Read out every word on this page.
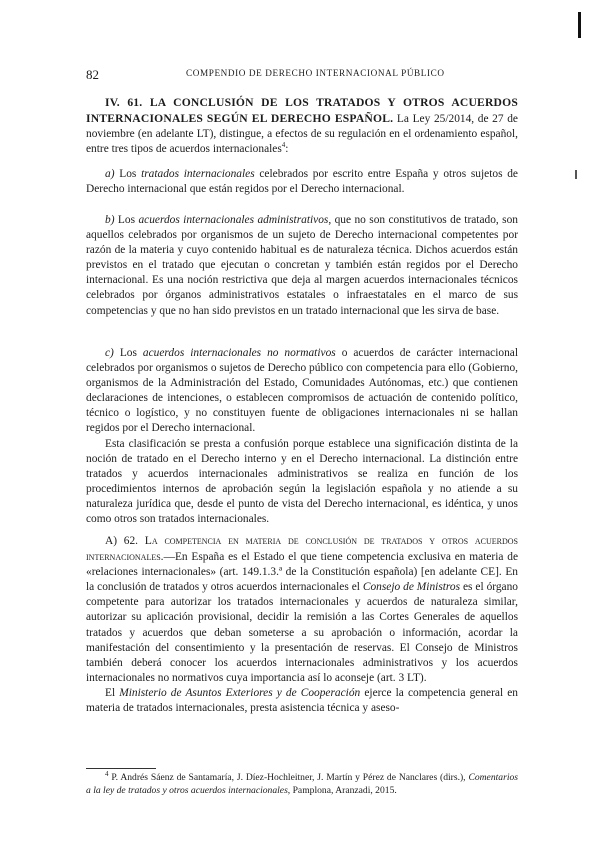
82	COMPENDIO DE DERECHO INTERNACIONAL PÚBLICO

IV. 61. LA CONCLUSIÓN DE LOS TRATADOS Y OTROS ACUERDOS INTERNACIONALES SEGÚN EL DERECHO ESPAÑOL. La Ley 25/2014, de 27 de noviembre (en adelante LT), distingue, a efectos de su regulación en el ordenamiento español, entre tres tipos de acuerdos internacionales$^4$:

a) Los tratados internacionales celebrados por escrito entre España y otros sujetos de Derecho internacional que están regidos por el Derecho internacional.

b) Los acuerdos internacionales administrativos, que no son constitutivos de tratado, son aquellos celebrados por organismos de un sujeto de Derecho internacional competentes por razón de la materia y cuyo contenido habitual es de naturaleza técnica. Dichos acuerdos están previstos en el tratado que ejecutan o concretan y también están regidos por el Derecho internacional. Es una noción restrictiva que deja al margen acuerdos internacionales técnicos celebrados por órganos administrativos estatales o infraestatales en el marco de sus competencias y que no han sido previstos en un tratado internacional que les sirva de base.

c) Los acuerdos internacionales no normativos o acuerdos de carácter internacional celebrados por organismos o sujetos de Derecho público con competencia para ello (Gobierno, organismos de la Administración del Estado, Comunidades Autónomas, etc.) que contienen declaraciones de intenciones, o establecen compromisos de actuación de contenido político, técnico o logístico, y no constituyen fuente de obligaciones internacionales ni se hallan regidos por el Derecho internacional.

Esta clasificación se presta a confusión porque establece una significación distinta de la noción de tratado en el Derecho interno y en el Derecho internacional. La distinción entre tratados y acuerdos internacionales administrativos se realiza en función de los procedimientos internos de aprobación según la legislación española y no atiende a su naturaleza jurídica que, desde el punto de vista del Derecho internacional, es idéntica, y unos como otros son tratados internacionales.

A) 62. La competencia en materia de conclusión de tratados y otros acuerdos internacionales.—En España es el Estado el que tiene competencia exclusiva en materia de «relaciones internacionales» (art. 149.1.3.ª de la Constitución española) [en adelante CE]. En la conclusión de tratados y otros acuerdos internacionales el Consejo de Ministros es el órgano competente para autorizar los tratados internacionales y acuerdos de naturaleza similar, autorizar su aplicación provisional, decidir la remisión a las Cortes Generales de aquellos tratados y acuerdos que deban someterse a su aprobación o información, acordar la manifestación del consentimiento y la presentación de reservas. El Consejo de Ministros también deberá conocer los acuerdos internacionales administrativos y los acuerdos internacionales no normativos cuya importancia así lo aconseje (art. 3 LT).

El Ministerio de Asuntos Exteriores y de Cooperación ejerce la competencia general en materia de tratados internacionales, presta asistencia técnica y aseso-

$^4$ P. Andrés Sáenz de Santamaría, J. Díez-Hochleitner, J. Martín y Pérez de Nanclares (dirs.), Comentarios a la ley de tratados y otros acuerdos internacionales, Pamplona, Aranzadi, 2015.
